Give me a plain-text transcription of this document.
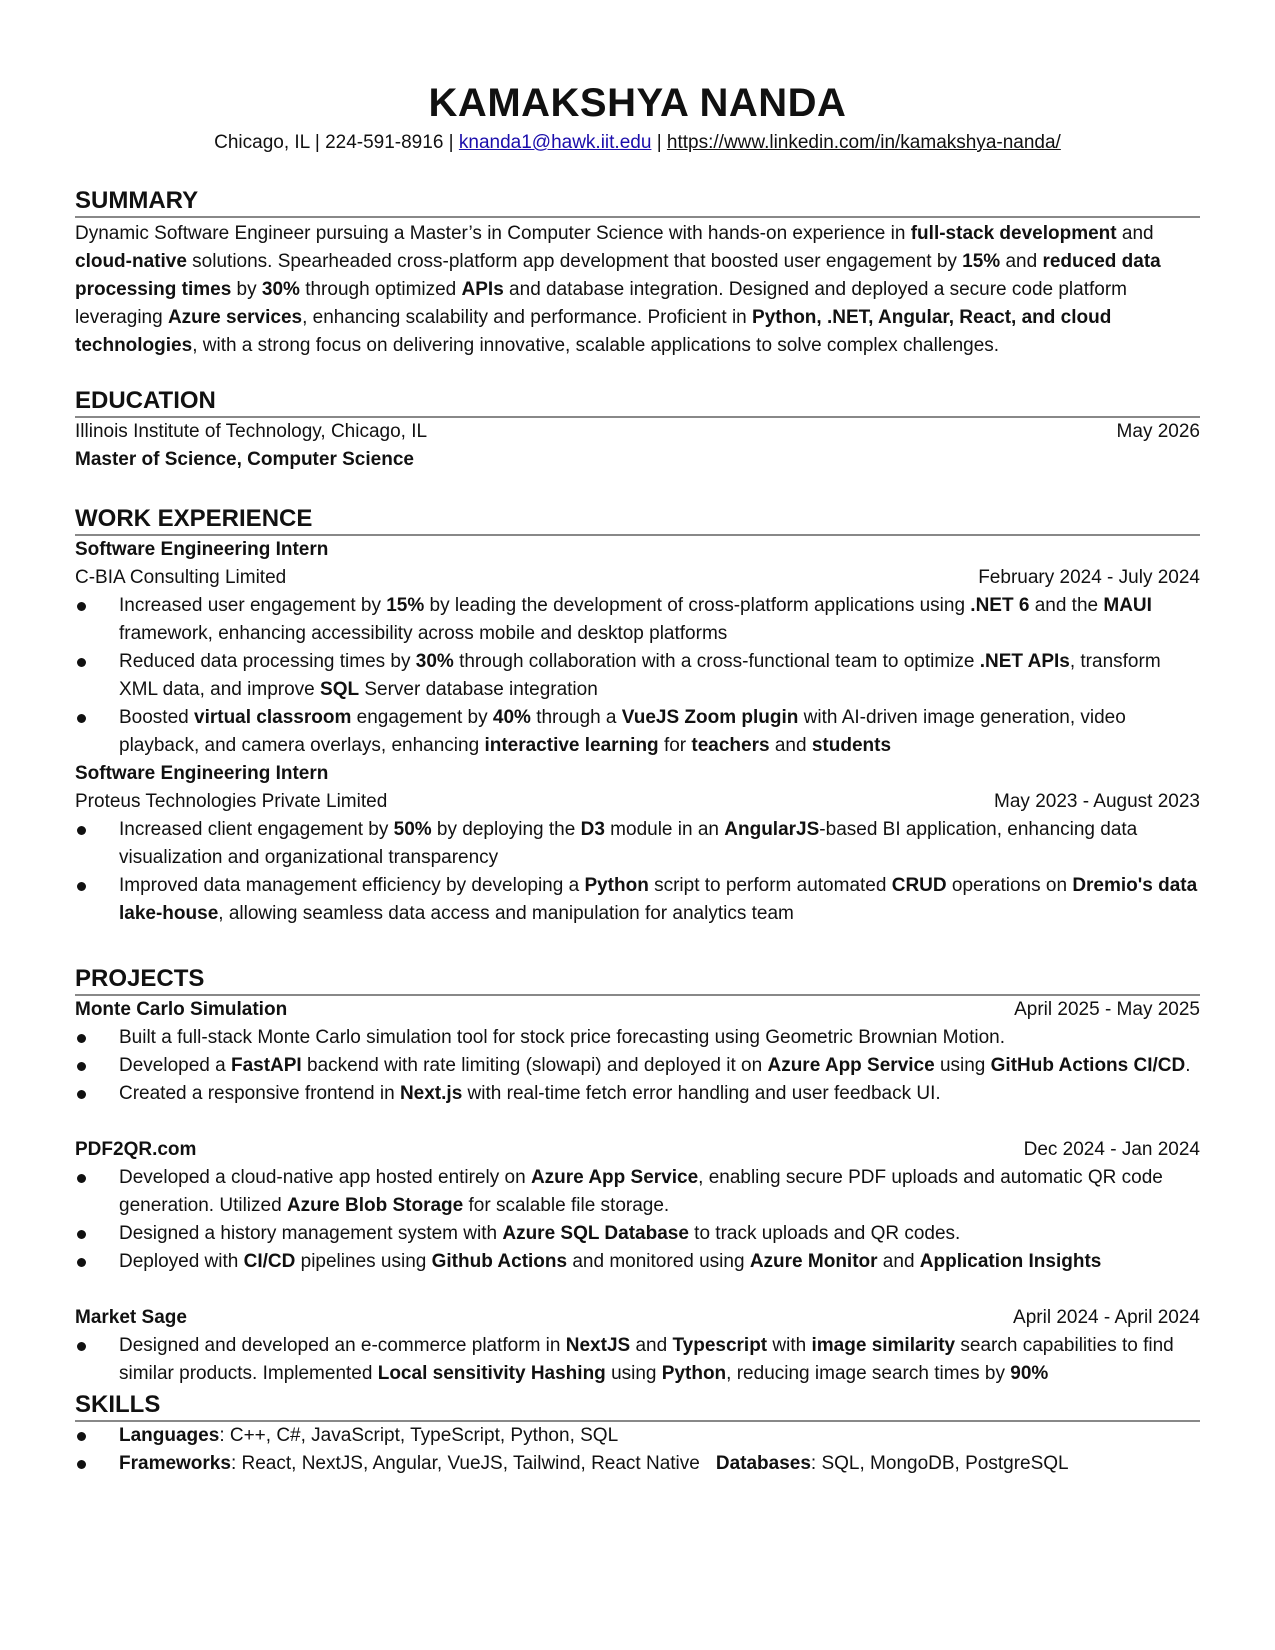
KAMAKSHYA NANDA
Chicago, IL | 224-591-8916 | knanda1@hawk.iit.edu | https://www.linkedin.com/in/kamakshya-nanda/
SUMMARY
Dynamic Software Engineer pursuing a Master’s in Computer Science with hands-on experience in full-stack development and cloud-native solutions. Spearheaded cross-platform app development that boosted user engagement by 15% and reduced data processing times by 30% through optimized APIs and database integration. Designed and deployed a secure code platform leveraging Azure services, enhancing scalability and performance. Proficient in Python, .NET, Angular, React, and cloud technologies, with a strong focus on delivering innovative, scalable applications to solve complex challenges.
EDUCATION
Illinois Institute of Technology, Chicago, IL	May 2026
Master of Science, Computer Science
WORK EXPERIENCE
Software Engineering Intern
C-BIA Consulting Limited	February 2024 - July 2024
Increased user engagement by 15% by leading the development of cross-platform applications using .NET 6 and the MAUI framework, enhancing accessibility across mobile and desktop platforms
Reduced data processing times by 30% through collaboration with a cross-functional team to optimize .NET APIs, transform XML data, and improve SQL Server database integration
Boosted virtual classroom engagement by 40% through a VueJS Zoom plugin with AI-driven image generation, video playback, and camera overlays, enhancing interactive learning for teachers and students
Software Engineering Intern
Proteus Technologies Private Limited	May 2023 - August 2023
Increased client engagement by 50% by deploying the D3 module in an AngularJS-based BI application, enhancing data visualization and organizational transparency
Improved data management efficiency by developing a Python script to perform automated CRUD operations on Dremio's data lake-house, allowing seamless data access and manipulation for analytics team
PROJECTS
Monte Carlo Simulation	April 2025 - May 2025
Built a full-stack Monte Carlo simulation tool for stock price forecasting using Geometric Brownian Motion.
Developed a FastAPI backend with rate limiting (slowapi) and deployed it on Azure App Service using GitHub Actions CI/CD.
Created a responsive frontend in Next.js with real-time fetch error handling and user feedback UI.
PDF2QR.com	Dec 2024 - Jan 2024
Developed a cloud-native app hosted entirely on Azure App Service, enabling secure PDF uploads and automatic QR code generation. Utilized Azure Blob Storage for scalable file storage.
Designed a history management system with Azure SQL Database to track uploads and QR codes.
Deployed with CI/CD pipelines using Github Actions and monitored using Azure Monitor and Application Insights
Market Sage	April 2024 - April 2024
Designed and developed an e-commerce platform in NextJS and Typescript with image similarity search capabilities to find similar products. Implemented Local sensitivity Hashing using Python, reducing image search times by 90%
SKILLS
Languages: C++, C#, JavaScript, TypeScript, Python, SQL
Frameworks: React, NextJS, Angular, VueJS, Tailwind, React Native Databases: SQL, MongoDB, PostgreSQL
